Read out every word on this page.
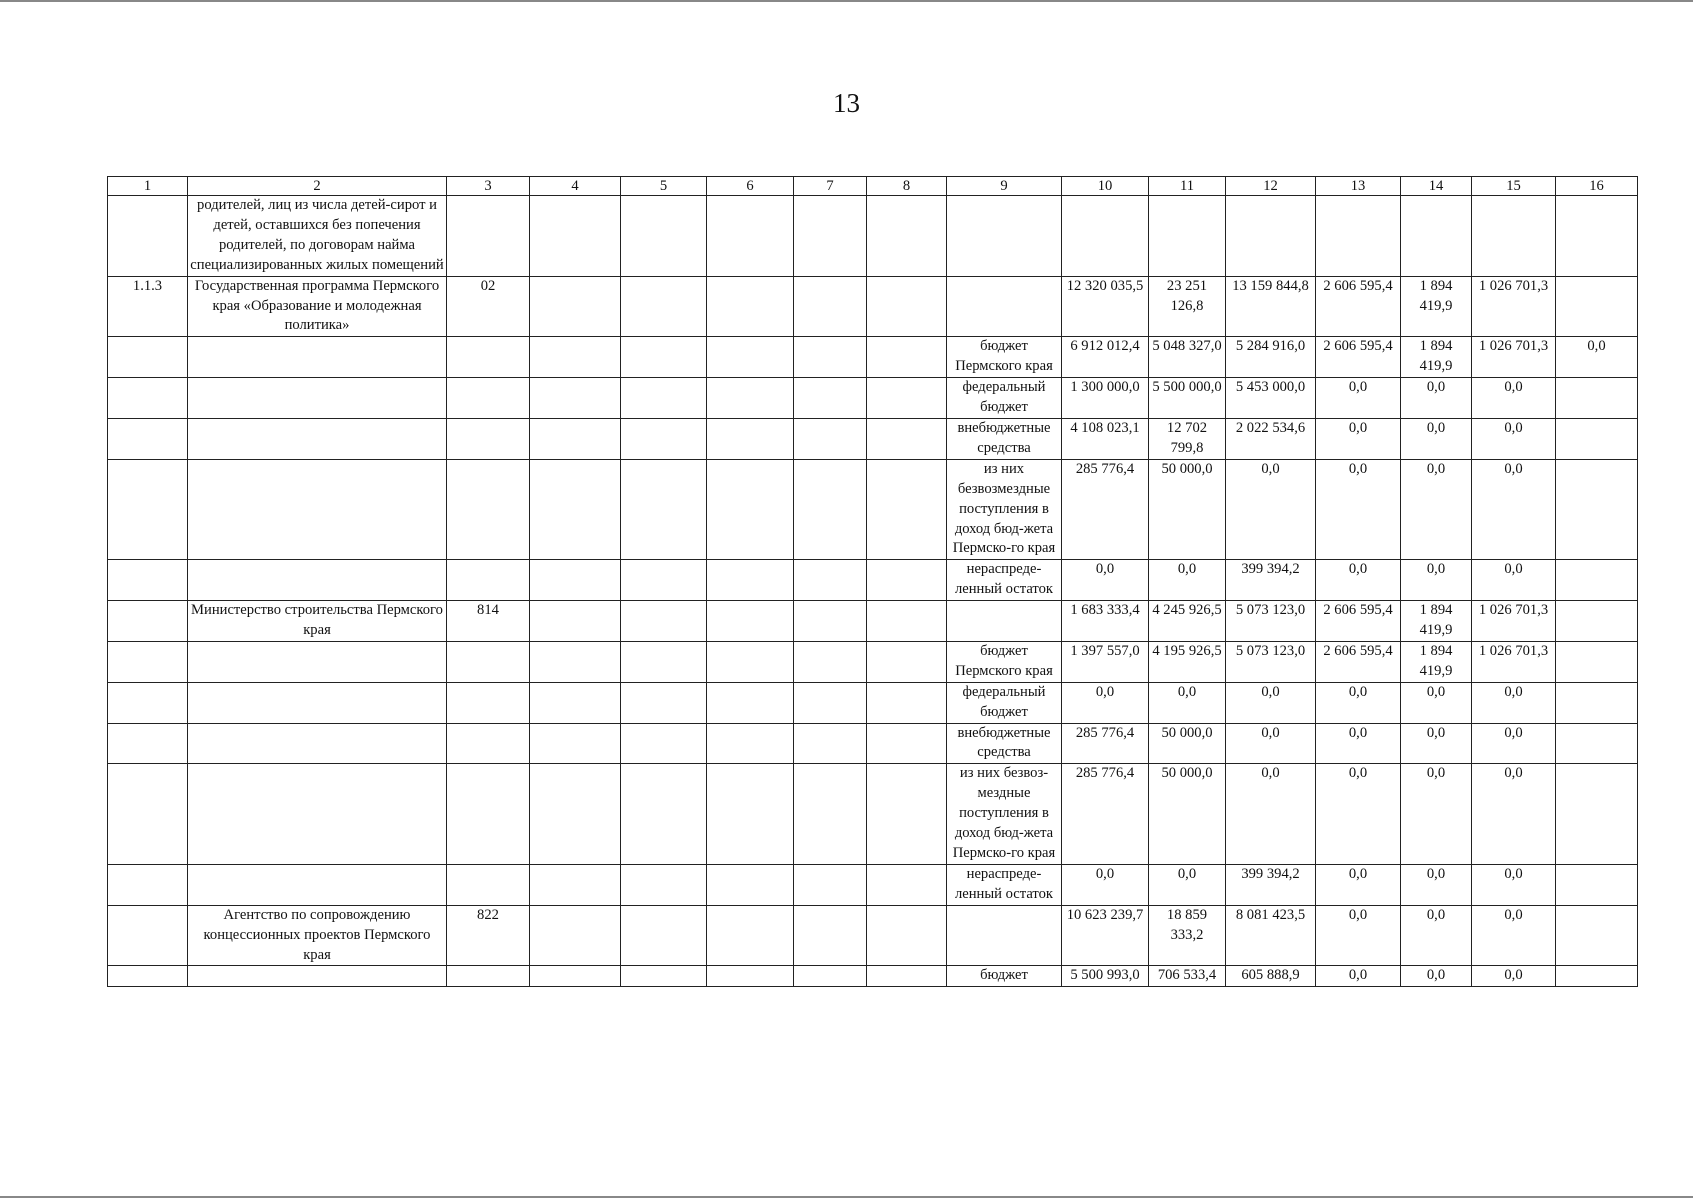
13
1	2	3	4	5	6	7	8	9	10	11	12	13	14	15	16
	родителей, лиц из числа детей-сирот и детей, оставшихся без попечения родителей, по договорам найма специализированных жилых помещений														
1.1.3	Государственная программа Пермского края «Образование и молодежная политика»	02							12 320 035,5	23 251 126,8	13 159 844,8	2 606 595,4	1 894 419,9	1 026 701,3	
								бюджет Пермского края	6 912 012,4	5 048 327,0	5 284 916,0	2 606 595,4	1 894 419,9	1 026 701,3	0,0
								федеральный бюджет	1 300 000,0	5 500 000,0	5 453 000,0	0,0	0,0	0,0	
								внебюджетные средства	4 108 023,1	12 702 799,8	2 022 534,6	0,0	0,0	0,0	
								из них безвозмездные поступления в доход бюд-жета Пермско-го края	285 776,4	50 000,0	0,0	0,0	0,0	0,0	
								нераспреде-ленный остаток	0,0	0,0	399 394,2	0,0	0,0	0,0	
	Министерство строительства Пермского края	814							1 683 333,4	4 245 926,5	5 073 123,0	2 606 595,4	1 894 419,9	1 026 701,3	
								бюджет Пермского края	1 397 557,0	4 195 926,5	5 073 123,0	2 606 595,4	1 894 419,9	1 026 701,3	
								федеральный бюджет	0,0	0,0	0,0	0,0	0,0	0,0	
								внебюджетные средства	285 776,4	50 000,0	0,0	0,0	0,0	0,0	
								из них безвоз-мездные поступления в доход бюд-жета Пермско-го края	285 776,4	50 000,0	0,0	0,0	0,0	0,0	
								нераспреде-ленный остаток	0,0	0,0	399 394,2	0,0	0,0	0,0	
	Агентство по сопровождению концессионных проектов Пермского края	822							10 623 239,7	18 859 333,2	8 081 423,5	0,0	0,0	0,0	
								бюджет	5 500 993,0	706 533,4	605 888,9	0,0	0,0	0,0	
